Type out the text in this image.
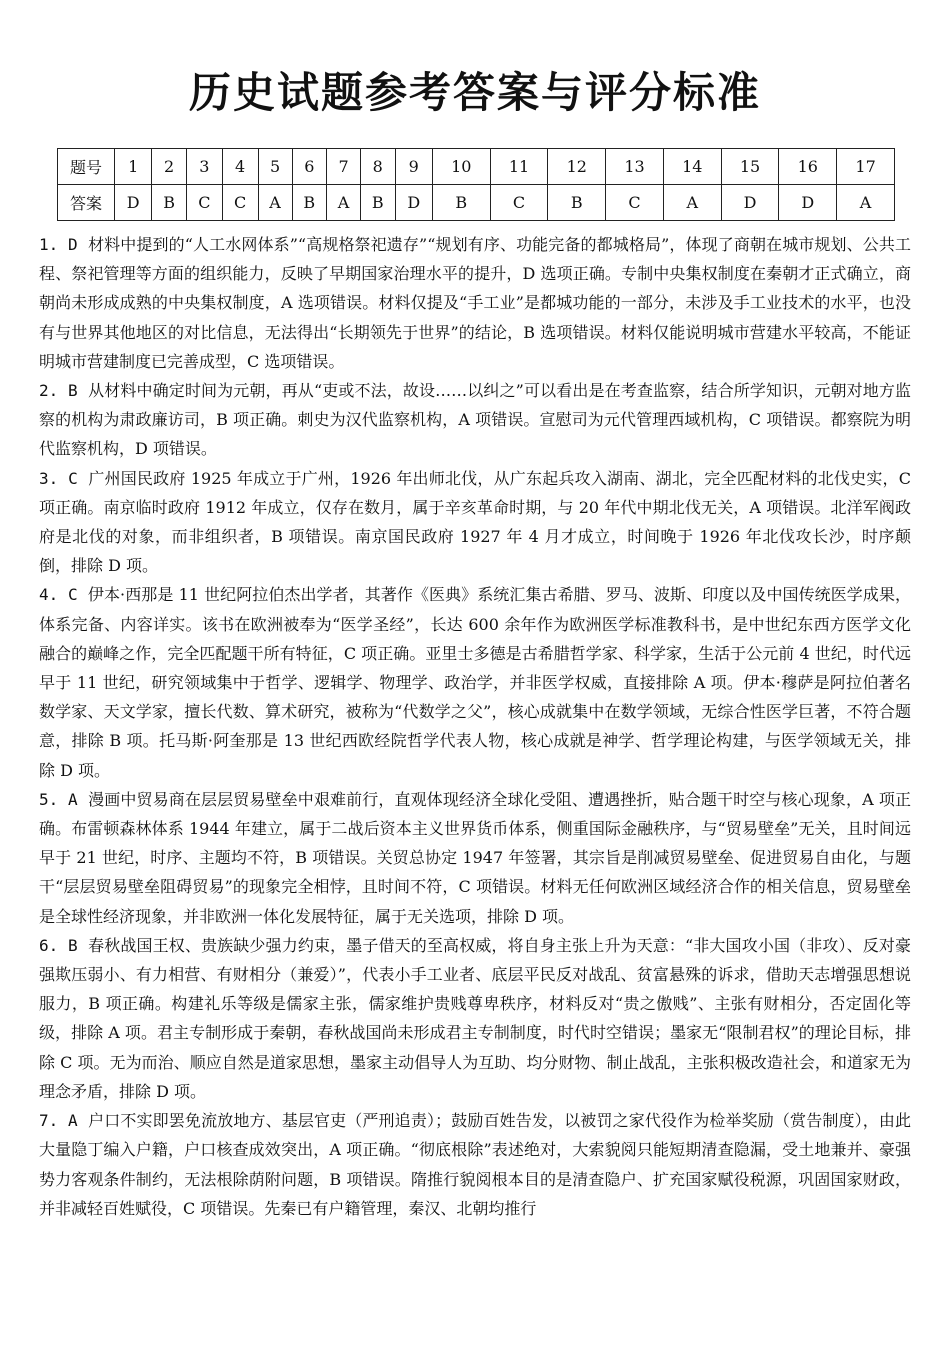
历史试题参考答案与评分标准
题号	1	2	3	4	5	6	7	8	9	10	11	12	13	14	15	16	17
答案	D	B	C	C	A	B	A	B	D	B	C	B	C	A	D	D	A

1. D 材料中提到的“人工水网体系”“高规格祭祀遗存”“规划有序、功能完备的都城格局”，体现了商朝在城市规划、公共工程、祭祀管理等方面的组织能力，反映了早期国家治理水平的提升，D 选项正确。专制中央集权制度在秦朝才正式确立，商朝尚未形成成熟的中央集权制度，A 选项错误。材料仅提及“手工业”是都城功能的一部分，未涉及手工业技术的水平，也没有与世界其他地区的对比信息，无法得出“长期领先于世界”的结论，B 选项错误。材料仅能说明城市营建水平较高，不能证明城市营建制度已完善成型，C 选项错误。

2. B 从材料中确定时间为元朝，再从“吏或不法，故设……以纠之”可以看出是在考查监察，结合所学知识，元朝对地方监察的机构为肃政廉访司，B 项正确。刺史为汉代监察机构，A 项错误。宣慰司为元代管理西域机构，C 项错误。都察院为明代监察机构，D 项错误。

3. C 广州国民政府 1925 年成立于广州，1926 年出师北伐，从广东起兵攻入湖南、湖北，完全匹配材料的北伐史实，C 项正确。南京临时政府 1912 年成立，仅存在数月，属于辛亥革命时期，与 20 年代中期北伐无关，A 项错误。北洋军阀政府是北伐的对象，而非组织者，B 项错误。南京国民政府 1927 年 4 月才成立，时间晚于 1926 年北伐攻长沙，时序颠倒，排除 D 项。

4. C 伊本·西那是 11 世纪阿拉伯杰出学者，其著作《医典》系统汇集古希腊、罗马、波斯、印度以及中国传统医学成果，体系完备、内容详实。该书在欧洲被奉为“医学圣经”，长达 600 余年作为欧洲医学标准教科书，是中世纪东西方医学文化融合的巅峰之作，完全匹配题干所有特征，C 项正确。亚里士多德是古希腊哲学家、科学家，生活于公元前 4 世纪，时代远早于 11 世纪，研究领域集中于哲学、逻辑学、物理学、政治学，并非医学权威，直接排除 A 项。伊本·穆萨是阿拉伯著名数学家、天文学家，擅长代数、算术研究，被称为“代数学之父”，核心成就集中在数学领域，无综合性医学巨著，不符合题意，排除 B 项。托马斯·阿奎那是 13 世纪西欧经院哲学代表人物，核心成就是神学、哲学理论构建，与医学领域无关，排除 D 项。

5. A 漫画中贸易商在层层贸易壁垒中艰难前行，直观体现经济全球化受阻、遭遇挫折，贴合题干时空与核心现象，A 项正确。布雷顿森林体系 1944 年建立，属于二战后资本主义世界货币体系，侧重国际金融秩序，与“贸易壁垒”无关，且时间远早于 21 世纪，时序、主题均不符，B 项错误。关贸总协定 1947 年签署，其宗旨是削减贸易壁垒、促进贸易自由化，与题干“层层贸易壁垒阻碍贸易”的现象完全相悖，且时间不符，C 项错误。材料无任何欧洲区域经济合作的相关信息，贸易壁垒是全球性经济现象，并非欧洲一体化发展特征，属于无关选项，排除 D 项。

6. B 春秋战国王权、贵族缺少强力约束，墨子借天的至高权威，将自身主张上升为天意：“非大国攻小国（非攻）、反对豪强欺压弱小、有力相营、有财相分（兼爱）”，代表小手工业者、底层平民反对战乱、贫富悬殊的诉求，借助天志增强思想说服力，B 项正确。构建礼乐等级是儒家主张，儒家维护贵贱尊卑秩序，材料反对“贵之傲贱”、主张有财相分，否定固化等级，排除 A 项。君主专制形成于秦朝，春秋战国尚未形成君主专制制度，时代时空错误；墨家无“限制君权”的理论目标，排除 C 项。无为而治、顺应自然是道家思想，墨家主动倡导人为互助、均分财物、制止战乱，主张积极改造社会，和道家无为理念矛盾，排除 D 项。

7. A 户口不实即罢免流放地方、基层官吏（严刑追责）；鼓励百姓告发，以被罚之家代役作为检举奖励（赏告制度），由此大量隐丁编入户籍，户口核查成效突出，A 项正确。“彻底根除”表述绝对，大索貌阅只能短期清查隐漏，受土地兼并、豪强势力客观条件制约，无法根除荫附问题，B 项错误。隋推行貌阅根本目的是清查隐户、扩充国家赋役税源，巩固国家财政，并非减轻百姓赋役，C 项错误。先秦已有户籍管理，秦汉、北朝均推行
